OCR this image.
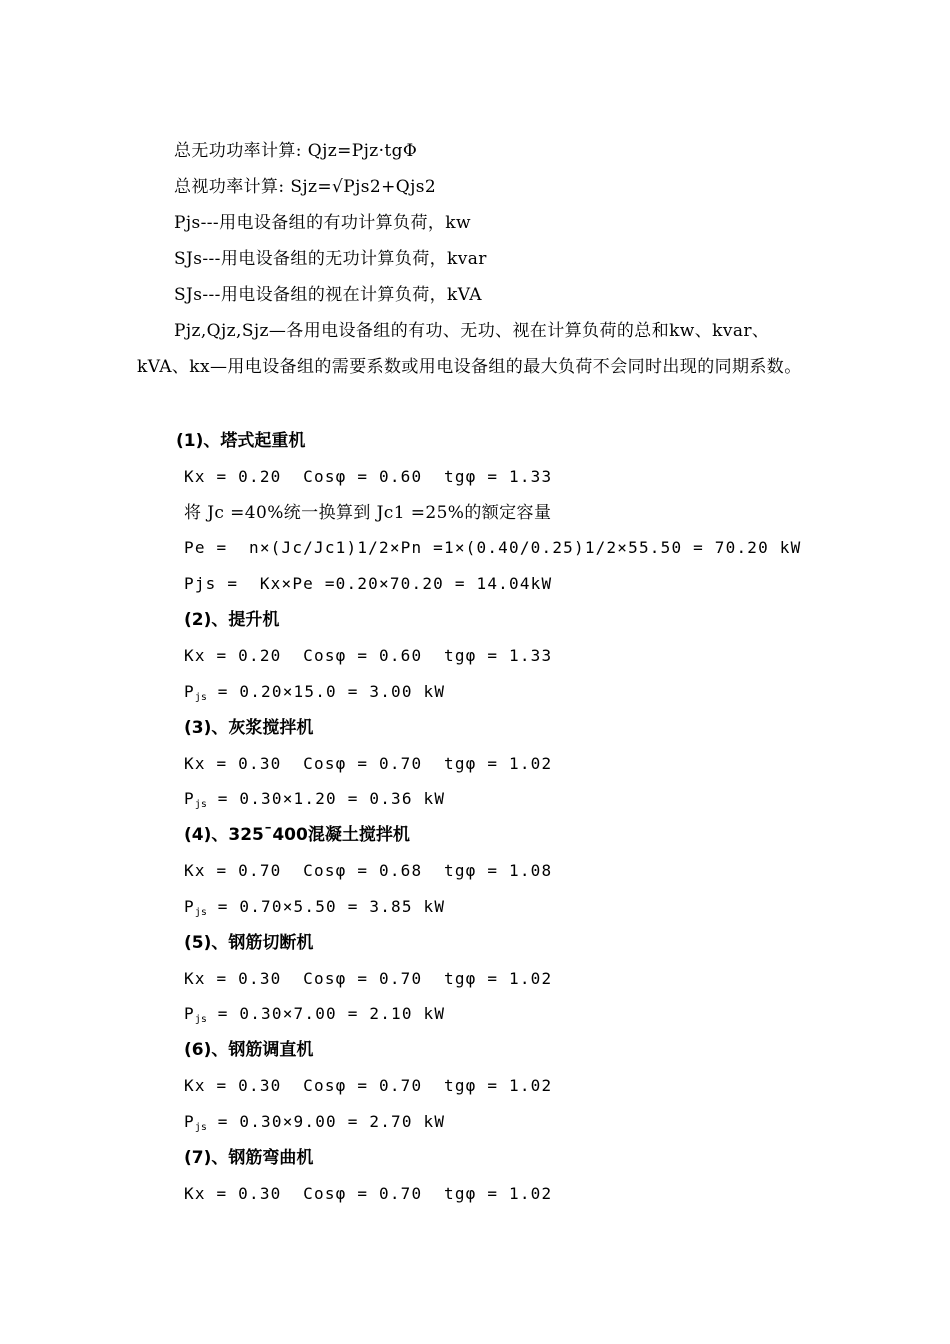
总无功功率计算: Qjz=Pjz·tgΦ
总视功率计算: Sjz=√Pjs2+Qjs2
Pjs---用电设备组的有功计算负荷，kw
SJs---用电设备组的无功计算负荷，kvar
SJs---用电设备组的视在计算负荷，kVA
Pjz,Qjz,Sjz—各用电设备组的有功、无功、视在计算负荷的总和kw、kvar、kVA、kx—用电设备组的需要系数或用电设备组的最大负荷不会同时出现的同期系数。
(1)、塔式起重机
Kx = 0.20  Cosφ = 0.60  tgφ = 1.33
将 Jc =40%统一换算到 Jc1 =25%的额定容量
Pe =  n×(Jc/Jc1)1/2×Pn =1×(0.40/0.25)1/2×55.50 = 70.20 kW
Pjs =  Kx×Pe =0.20×70.20 = 14.04kW
(2)、提升机
Kx = 0.20  Cosφ = 0.60  tgφ = 1.33
$P_{js} = 0.20\times 15.0 = 3.00$ kW
(3)、灰浆搅拌机
Kx = 0.30  Cosφ = 0.70  tgφ = 1.02
$P_{js} = 0.30\times 1.20 = 0.36$ kW
(4)、325¯400混凝土搅拌机
Kx = 0.70  Cosφ = 0.68  tgφ = 1.08
$P_{js} = 0.70\times 5.50 = 3.85$ kW
(5)、钢筋切断机
Kx = 0.30  Cosφ = 0.70  tgφ = 1.02
$P_{js} = 0.30\times 7.00 = 2.10$ kW
(6)、钢筋调直机
Kx = 0.30  Cosφ = 0.70  tgφ = 1.02
$P_{js} = 0.30\times 9.00 = 2.70$ kW
(7)、钢筋弯曲机
Kx = 0.30  Cosφ = 0.70  tgφ = 1.02
